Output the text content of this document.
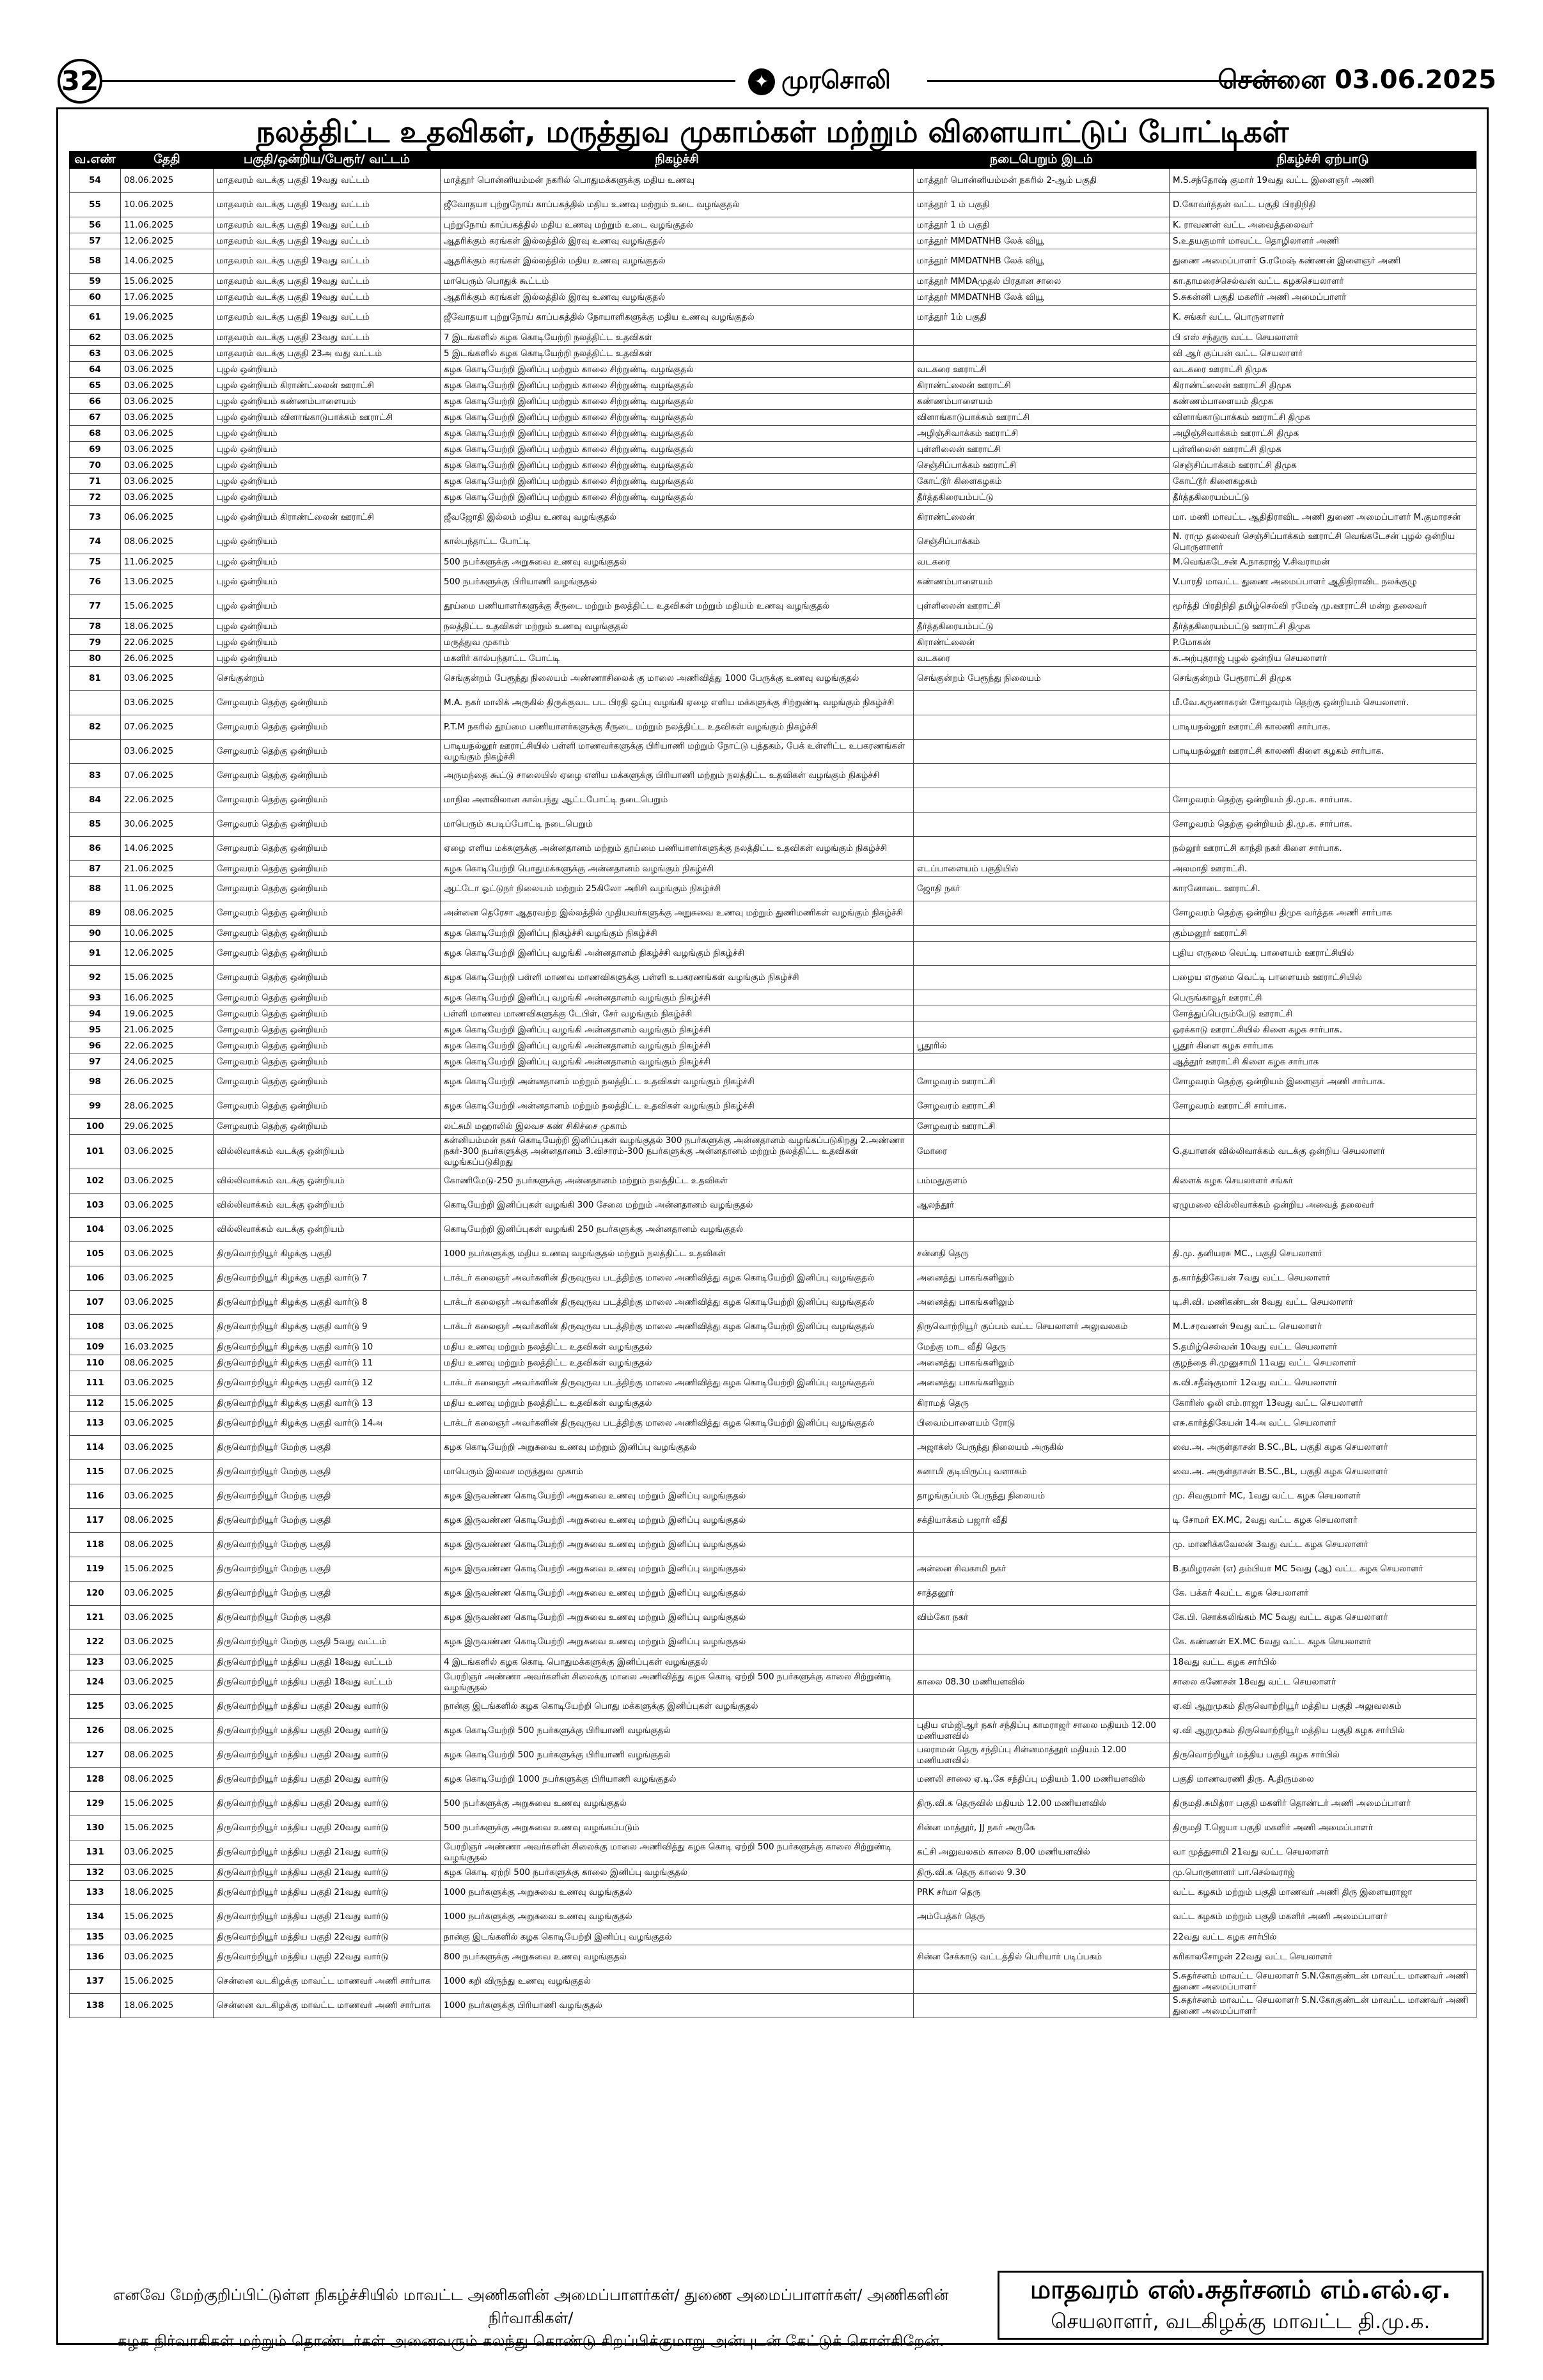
32	✦ முரசொலி	சென்னை 03.06.2025
நலத்திட்ட உதவிகள், மருத்துவ முகாம்கள் மற்றும் விளையாட்டுப் போட்டிகள்
வ.எண்	தேதி	பகுதி/ஒன்றிய/பேரூர்/ வட்டம்	நிகழ்ச்சி	நடைபெறும் இடம்	நிகழ்ச்சி ஏற்பாடு
54	08.06.2025	மாதவரம் வடக்கு பகுதி 19வது வட்டம்	மாத்தூர் பொன்னியம்மன் நகரில் பொதுமக்களுக்கு மதிய உணவு	மாத்தூர் பொன்னியம்மன் நகரில் 2-ஆம் பகுதி	M.S.சந்தோஷ் குமார் 19வது வட்ட இளைஞர் அணி
55	10.06.2025	மாதவரம் வடக்கு பகுதி 19வது வட்டம்	ஜீவோதயா புற்றுநோய் காப்பகத்தில் மதிய உணவு மற்றும் உடை வழங்குதல்	மாத்தூர் 1 ம் பகுதி	D.கோவர்த்தன் வட்ட பகுதி பிரதிநிதி
56	11.06.2025	மாதவரம் வடக்கு பகுதி 19வது வட்டம்	புற்றுநோய் காப்பகத்தில் மதிய உணவு மற்றும் உடை வழங்குதல்	மாத்தூர் 1 ம் பகுதி	K. ராவணன் வட்ட அவைத்தலைவர்
57	12.06.2025	மாதவரம் வடக்கு பகுதி 19வது வட்டம்	ஆதரிக்கும் கரங்கள் இல்லத்தில் இரவு உணவு வழங்குதல்	மாத்தூர் MMDATNHB லேக் வியூ	S.உதயகுமார் மாவட்ட தொழிலாளர் அணி
58	14.06.2025	மாதவரம் வடக்கு பகுதி 19வது வட்டம்	ஆதரிக்கும் கரங்கள் இல்லத்தில் மதிய உணவு வழங்குதல்	மாத்தூர் MMDATNHB லேக் வியூ	துணை அமைப்பாளர் G.ரமேஷ் கண்ணன் இளைஞர் அணி
59	15.06.2025	மாதவரம் வடக்கு பகுதி 19வது வட்டம்	மாபெரும் பொதுக் கூட்டம்	மாத்தூர் MMDAமுதல் பிரதான சாலை	கா.தாமரைச்செல்வன் வட்ட கழகசெயலாளர்
60	17.06.2025	மாதவரம் வடக்கு பகுதி 19வது வட்டம்	ஆதரிக்கும் கரங்கள் இல்லத்தில் இரவு உணவு வழங்குதல்	மாத்தூர் MMDATNHB லேக் வியூ	S.சுகன்னி பகுதி மகளிர் அணி அமைப்பாளர்
61	19.06.2025	மாதவரம் வடக்கு பகுதி 19வது வட்டம்	ஜீவோதயா புற்றுநோய் காப்பகத்தில் நோயாளிகளுக்கு மதிய உணவு வழங்குதல்	மாத்தூர் 1ம் பகுதி	K. சங்கர் வட்ட பொருளாளர்
62	03.06.2025	மாதவரம் வடக்கு பகுதி 23வது வட்டம்	7 இடங்களில் கழக கொடியேற்றி நலத்திட்ட உதவிகள்		பி எஸ் சந்துரு வட்ட செயலாளர்
63	03.06.2025	மாதவரம் வடக்கு பகுதி 23அ வது வட்டம்	5 இடங்களில் கழக கொடியேற்றி நலத்திட்ட உதவிகள்		வி ஆர் குப்பன் வட்ட செயலாளர்
64	03.06.2025	புழல் ஒன்றியம்	கழக கொடியேற்றி இனிப்பு மற்றும் காலை சிற்றுண்டி வழங்குதல்	வடகரை ஊராட்சி	வடகரை ஊராட்சி திமுக
65	03.06.2025	புழல் ஒன்றியம் கிராண்ட்லைன் ஊராட்சி	கழக கொடியேற்றி இனிப்பு மற்றும் காலை சிற்றுண்டி வழங்குதல்	கிராண்ட்லைன் ஊராட்சி	கிராண்ட்லைன் ஊராட்சி திமுக
66	03.06.2025	புழல் ஒன்றியம் கண்ணம்பாளையம்	கழக கொடியேற்றி இனிப்பு மற்றும் காலை சிற்றுண்டி வழங்குதல்	கண்ணம்பாளையம்	கண்ணம்பாளையம் திமுக
67	03.06.2025	புழல் ஒன்றியம் விளாங்காடுபாக்கம் ஊராட்சி	கழக கொடியேற்றி இனிப்பு மற்றும் காலை சிற்றுண்டி வழங்குதல்	விளாங்காடுபாக்கம் ஊராட்சி	விளாங்காடுபாக்கம் ஊராட்சி திமுக
68	03.06.2025	புழல் ஒன்றியம்	கழக கொடியேற்றி இனிப்பு மற்றும் காலை சிற்றுண்டி வழங்குதல்	அழிஞ்சிவாக்கம் ஊராட்சி	அழிஞ்சிவாக்கம் ஊராட்சி திமுக
69	03.06.2025	புழல் ஒன்றியம்	கழக கொடியேற்றி இனிப்பு மற்றும் காலை சிற்றுண்டி வழங்குதல்	புள்ளிலைன் ஊராட்சி	புள்ளிலைன் ஊராட்சி திமுக
70	03.06.2025	புழல் ஒன்றியம்	கழக கொடியேற்றி இனிப்பு மற்றும் காலை சிற்றுண்டி வழங்குதல்	செஞ்சிப்பாக்கம் ஊராட்சி	செஞ்சிப்பாக்கம் ஊராட்சி திமுக
71	03.06.2025	புழல் ஒன்றியம்	கழக கொடியேற்றி இனிப்பு மற்றும் காலை சிற்றுண்டி வழங்குதல்	கோட்டூர் கிளைகழகம்	கோட்டூர் கிளைகழகம்
72	03.06.2025	புழல் ஒன்றியம்	கழக கொடியேற்றி இனிப்பு மற்றும் காலை சிற்றுண்டி வழங்குதல்	தீர்த்தகிரையம்பட்டு	தீர்த்தகிரையம்பட்டு
73	06.06.2025	புழல் ஒன்றியம் கிராண்ட்லைன் ஊராட்சி	ஜீவஜோதி இல்லம் மதிய உணவு வழங்குதல்	கிராண்ட்லைன்	மா. மணி மாவட்ட ஆதிதிராவிட அணி துணை அமைப்பாளர் M.குமாரசன்
74	08.06.2025	புழல் ஒன்றியம்	கால்பந்தாட்ட போட்டி	செஞ்சிப்பாக்கம்	N. ராமு தலைவர் செஞ்சிப்பாக்கம் ஊராட்சி வெங்கடேசன் புழல் ஒன்றிய பொருளாளர்
75	11.06.2025	புழல் ஒன்றியம்	500 நபர்களுக்கு அறுசுவை உணவு வழங்குதல்	வடகரை	M.வெங்கடேசன் A.நாகராஜ் V.சிவராமன்
76	13.06.2025	புழல் ஒன்றியம்	500 நபர்களுக்கு பிரியாணி வழங்குதல்	கண்ணம்பாளையம்	V.பாரதி மாவட்ட துணை அமைப்பாளர் ஆதிதிராவிட நலக்குழு
77	15.06.2025	புழல் ஒன்றியம்	தூய்மை பணியாளர்களுக்கு சீருடை மற்றும் நலத்திட்ட உதவிகள் மற்றும் மதியம் உணவு வழங்குதல்	புள்ளிலைன் ஊராட்சி	மூர்த்தி பிரதிநிதி தமிழ்செல்வி ரமேஷ் மு.ஊராட்சி மன்ற தலைவர்
78	18.06.2025	புழல் ஒன்றியம்	நலத்திட்ட உதவிகள் மற்றும் உணவு வழங்குதல்	தீர்த்தகிரையம்பட்டு	தீர்த்தகிரையம்பட்டு ஊராட்சி திமுக
79	22.06.2025	புழல் ஒன்றியம்	மருத்துவ முகாம்	கிராண்ட்லைன்	P.மோகன்
80	26.06.2025	புழல் ஒன்றியம்	மகளிர் கால்பந்தாட்ட போட்டி	வடகரை	சு.அற்புதராஜ் புழல் ஒன்றிய செயலாளர்
81	03.06.2025	செங்குன்றம்	செங்குன்றம் பேரூந்து நிலையம் அண்ணாசிலைக் கு மாலை அணிவித்து 1000 பேருக்கு உணவு வழங்குதல்	செங்குன்றம் பேரூந்து நிலையம்	செங்குன்றம் பேரூராட்சி திமுக
	03.06.2025	சோழவரம் தெற்கு ஒன்றியம்	M.A. நகர் மாலிக் அருகில் திருக்குவட பட பிரதி ஒப்பு வழங்கி ஏழை எளிய மக்களுக்கு சிற்றுண்டி வழங்கும் நிகழ்ச்சி		மீ.வே.கருணாகரன் சோழவரம் தெற்கு ஒன்றியம் செயலாளர்.
82	07.06.2025	சோழவரம் தெற்கு ஒன்றியம்	P.T.M நகரில் தூய்மை பணியாளர்களுக்கு சீருடை மற்றும் நலத்திட்ட உதவிகள் வழங்கும் நிகழ்ச்சி		பாடியநல்லூர் ஊராட்சி காலணி சார்பாக.
	03.06.2025	சோழவரம் தெற்கு ஒன்றியம்	பாடியநல்லூர் ஊராட்சியில் பள்ளி மாணவர்களுக்கு பிரியாணி மற்றும் நோட்டு புத்தகம், பேக் உள்ளிட்ட உபகரணங்கள் வழங்கும் நிகழ்ச்சி		பாடியநல்லூர் ஊராட்சி காலணி கிளை கழகம் சார்பாக.
83	07.06.2025	சோழவரம் தெற்கு ஒன்றியம்	அருமந்தை கூட்டு சாலையில் ஏழை எளிய மக்களுக்கு பிரியாணி மற்றும் நலத்திட்ட உதவிகள் வழங்கும் நிகழ்ச்சி		
84	22.06.2025	சோழவரம் தெற்கு ஒன்றியம்	மாநில அளவிலான கால்பந்து ஆட்டபோட்டி நடைபெறும்		சோழவரம் தெற்கு ஒன்றியம் தி.மு.க. சார்பாக.
85	30.06.2025	சோழவரம் தெற்கு ஒன்றியம்	மாபெரும் கபடிப்போட்டி நடைபெறும்		சோழவரம் தெற்கு ஒன்றியம் தி.மு.க. சார்பாக.
86	14.06.2025	சோழவரம் தெற்கு ஒன்றியம்	ஏழை எளிய மக்களுக்கு அன்னதானம் மற்றும் தூய்மை பணியாளர்களுக்கு நலத்திட்ட உதவிகள் வழங்கும் நிகழ்ச்சி		நல்லூர் ஊராட்சி காந்தி நகர் கிளை சார்பாக.
87	21.06.2025	சோழவரம் தெற்கு ஒன்றியம்	கழக கொடியேற்றி பொதுமக்களுக்கு அன்னதானம் வழங்கும் நிகழ்ச்சி	எடப்பாளையம் பகுதியில்	அலமாதி ஊராட்சி.
88	11.06.2025	சோழவரம் தெற்கு ஒன்றியம்	ஆட்டோ ஓட்டுநர் நிலையம் மற்றும் 25கிலோ அரிசி வழங்கும் நிகழ்ச்சி	ஜோதி நகர்	காரனோடை ஊராட்சி.
89	08.06.2025	சோழவரம் தெற்கு ஒன்றியம்	அன்னை தெரேசா ஆதரவற்ற இல்லத்தில் முதியவர்களுக்கு அறுசுவை உணவு மற்றும் துணிமணிகள் வழங்கும் நிகழ்ச்சி		சோழவரம் தெற்கு ஒன்றிய திமுக வர்த்தக அணி சார்பாக
90	10.06.2025	சோழவரம் தெற்கு ஒன்றியம்	கழக கொடியேற்றி இனிப்பு நிகழ்ச்சி வழங்கும் நிகழ்ச்சி		கும்மனூர் ஊராட்சி
91	12.06.2025	சோழவரம் தெற்கு ஒன்றியம்	கழக கொடியேற்றி இனிப்பு வழங்கி அன்னதானம் நிகழ்ச்சி வழங்கும் நிகழ்ச்சி		புதிய எருமை வெட்டி பாளையம் ஊராட்சியில்
92	15.06.2025	சோழவரம் தெற்கு ஒன்றியம்	கழக கொடியேற்றி பள்ளி மாணவ மாணவிகளுக்கு பள்ளி உபகரணங்கள் வழங்கும் நிகழ்ச்சி		பழைய எருமை வெட்டி பாளையம் ஊராட்சியில்
93	16.06.2025	சோழவரம் தெற்கு ஒன்றியம்	கழக கொடியேற்றி இனிப்பு வழங்கி அன்னதானம் வழங்கும் நிகழ்ச்சி		பெருங்காவூர் ஊராட்சி
94	19.06.2025	சோழவரம் தெற்கு ஒன்றியம்	பள்ளி மாணவ மாணவிகளுக்கு டேபிள், சேர் வழங்கும் நிகழ்ச்சி		சோத்துப்பெரும்பேடு ஊராட்சி
95	21.06.2025	சோழவரம் தெற்கு ஒன்றியம்	கழக கொடியேற்றி இனிப்பு வழங்கி அன்னதானம் வழங்கும் நிகழ்ச்சி		ஒரக்காடு ஊராட்சியில் கிளை கழக சார்பாக.
96	22.06.2025	சோழவரம் தெற்கு ஒன்றியம்	கழக கொடியேற்றி இனிப்பு வழங்கி அன்னதானம் வழங்கும் நிகழ்ச்சி	பூதூரில்	பூதூர் கிளை கழக சார்பாக
97	24.06.2025	சோழவரம் தெற்கு ஒன்றியம்	கழக கொடியேற்றி இனிப்பு வழங்கி அன்னதானம் வழங்கும் நிகழ்ச்சி		ஆத்தூர் ஊராட்சி கிளை கழக சார்பாக
98	26.06.2025	சோழவரம் தெற்கு ஒன்றியம்	கழக கொடியேற்றி அன்னதானம் மற்றும் நலத்திட்ட உதவிகள் வழங்கும் நிகழ்ச்சி	சோழவரம் ஊராட்சி	சோழவரம் தெற்கு ஒன்றியம் இளைஞர் அணி சார்பாக.
99	28.06.2025	சோழவரம் தெற்கு ஒன்றியம்	கழக கொடியேற்றி அன்னதானம் மற்றும் நலத்திட்ட உதவிகள் வழங்கும் நிகழ்ச்சி	சோழவரம் ஊராட்சி	சோழவரம் ஊராட்சி சார்பாக.
100	29.06.2025	சோழவரம் தெற்கு ஒன்றியம்	லட்சுமி மஹாலில் இலவச கண் சிகிச்சை முகாம்	சோழவரம் ஊராட்சி	
101	03.06.2025	வில்லிவாக்கம் வடக்கு ஒன்றியம்	கன்னியம்மன் நகர் கொடியேற்றி இனிப்புகள் வழங்குதல் 300 நபர்களுக்கு அன்னதானம் வழங்கப்படுகிறது 2.அண்ணா நகர்-300 நபர்களுக்கு அன்னதானம் 3.விசாரம்-300 நபர்களுக்கு அன்னதானம் மற்றும் நலத்திட்ட உதவிகள் வழங்கப்படுகிறது	மோரை	G.தயாளன் வில்லிவாக்கம் வடக்கு ஒன்றிய செயலாளர்
102	03.06.2025	வில்லிவாக்கம் வடக்கு ஒன்றியம்	கோணிமேடு-250 நபர்களுக்கு அன்னதானம் மற்றும் நலத்திட்ட உதவிகள்	பம்மதுகுளம்	கிளைக் கழக செயலாளர் சங்கர்
103	03.06.2025	வில்லிவாக்கம் வடக்கு ஒன்றியம்	கொடியேற்றி இனிப்புகள் வழங்கி 300 சேலை மற்றும் அன்னதானம் வழங்குதல்	ஆலந்தூர்	ஏழுமலை வில்லிவாக்கம் ஒன்றிய அவைத் தலைவர்
104	03.06.2025	வில்லிவாக்கம் வடக்கு ஒன்றியம்	கொடியேற்றி இனிப்புகள் வழங்கி 250 நபர்களுக்கு அன்னதானம் வழங்குதல்		
105	03.06.2025	திருவொற்றியூர் கிழக்கு பகுதி	1000 நபர்களுக்கு மதிய உணவு வழங்குதல் மற்றும் நலத்திட்ட உதவிகள்	சன்னதி தெரு	தி.மு. தனியரசு MC., பகுதி செயலாளர்
106	03.06.2025	திருவொற்றியூர் கிழக்கு பகுதி வார்டு 7	டாக்டர் கலைஞர் அவர்களின் திருவுருவ படத்திற்கு மாலை அணிவித்து கழக கொடியேற்றி இனிப்பு வழங்குதல்	அனைத்து பாகங்களிலும்	த.கார்த்திகேயன் 7வது வட்ட செயலாளர்
107	03.06.2025	திருவொற்றியூர் கிழக்கு பகுதி வார்டு 8	டாக்டர் கலைஞர் அவர்களின் திருவுருவ படத்திற்கு மாலை அணிவித்து கழக கொடியேற்றி இனிப்பு வழங்குதல்	அனைத்து பாகங்களிலும்	டி.சி.வி. மணிகண்டன் 8வது வட்ட செயலாளர்
108	03.06.2025	திருவொற்றியூர் கிழக்கு பகுதி வார்டு 9	டாக்டர் கலைஞர் அவர்களின் திருவுருவ படத்திற்கு மாலை அணிவித்து கழக கொடியேற்றி இனிப்பு வழங்குதல்	திருவொற்றியூர் குப்பம் வட்ட செயலாளர் அலுவலகம்	M.L.சரவணன் 9வது வட்ட செயலாளர்
109	16.03.2025	திருவொற்றியூர் கிழக்கு பகுதி வார்டு 10	மதிய உணவு மற்றும் நலத்திட்ட உதவிகள் வழங்குதல்	மேற்கு மாட வீதி தெரு	S.தமிழ்செல்வன் 10வது வட்ட செயலாளர்
110	08.06.2025	திருவொற்றியூர் கிழக்கு பகுதி வார்டு 11	மதிய உணவு மற்றும் நலத்திட்ட உதவிகள் வழங்குதல்	அனைத்து பாகங்களிலும்	குழந்தை சி.முனுசாமி 11வது வட்ட செயலாளர்
111	03.06.2025	திருவொற்றியூர் கிழக்கு பகுதி வார்டு 12	டாக்டர் கலைஞர் அவர்களின் திருவுருவ படத்திற்கு மாலை அணிவித்து கழக கொடியேற்றி இனிப்பு வழங்குதல்	அனைத்து பாகங்களிலும்	க.வி.சதீஷ்குமார் 12வது வட்ட செயலாளர்
112	15.06.2025	திருவொற்றியூர் கிழக்கு பகுதி வார்டு 13	மதிய உணவு மற்றும் நலத்திட்ட உதவிகள் வழங்குதல்	கிராமத் தெரு	கோரிஸ் ஓலி எம்.ராஜா 13வது வட்ட செயலாளர்
113	03.06.2025	திருவொற்றியூர் கிழக்கு பகுதி வார்டு 14அ	டாக்டர் கலைஞர் அவர்களின் திருவுருவ படத்திற்கு மாலை அணிவித்து கழக கொடியேற்றி இனிப்பு வழங்குதல்	பிவைம்பாளையம் ரோடு	எசு.கார்த்திகேயன் 14அ வட்ட செயலாளர்
114	03.06.2025	திருவொற்றியூர் மேற்கு பகுதி	கழக கொடியேற்றி அறுசுவை உணவு மற்றும் இனிப்பு வழங்குதல்	அஜாக்ஸ் பேருந்து நிலையம் அருகில்	வை.அ. அருள்தாசன் B.SC.,BL, பகுதி கழக செயலாளர்
115	07.06.2025	திருவொற்றியூர் மேற்கு பகுதி	மாபெரும் இலவச மருத்துவ முகாம்	சுனாமி குடியிருப்பு வளாகம்	வை.அ. அருள்தாசன் B.SC.,BL, பகுதி கழக செயலாளர்
116	03.06.2025	திருவொற்றியூர் மேற்கு பகுதி	கழக இருவண்ண கொடியேற்றி அறுசுவை உணவு மற்றும் இனிப்பு வழங்குதல்	தாழங்குப்பம் பேருந்து நிலையம்	மு. சிவகுமார் MC, 1வது வட்ட கழக செயலாளர்
117	08.06.2025	திருவொற்றியூர் மேற்கு பகுதி	கழக இருவண்ண கொடியேற்றி அறுசுவை உணவு மற்றும் இனிப்பு வழங்குதல்	சக்தியாக்கம் பஜார் வீதி	டி சோமர் EX.MC, 2வது வட்ட கழக செயலாளர்
118	08.06.2025	திருவொற்றியூர் மேற்கு பகுதி	கழக இருவண்ண கொடியேற்றி அறுசுவை உணவு மற்றும் இனிப்பு வழங்குதல்		மு. மாணிக்கவேலன் 3வது வட்ட கழக செயலாளர்
119	15.06.2025	திருவொற்றியூர் மேற்கு பகுதி	கழக இருவண்ண கொடியேற்றி அறுசுவை உணவு மற்றும் இனிப்பு வழங்குதல்	அன்னை சிவகாமி நகர்	B.தமிழரசன் (எ) தம்பியா MC 5வது (ஆ) வட்ட கழக செயலாளர்
120	03.06.2025	திருவொற்றியூர் மேற்கு பகுதி	கழக இருவண்ண கொடியேற்றி அறுசுவை உணவு மற்றும் இனிப்பு வழங்குதல்	சாத்தனூர்	கே. பக்கர் 4வட்ட கழக செயலாளர்
121	03.06.2025	திருவொற்றியூர் மேற்கு பகுதி	கழக இருவண்ண கொடியேற்றி அறுசுவை உணவு மற்றும் இனிப்பு வழங்குதல்	விம்கோ நகர்	கே.பி. சொக்கலிங்கம் MC 5வது வட்ட கழக செயலாளர்
122	03.06.2025	திருவொற்றியூர் மேற்கு பகுதி 5வது வட்டம்	கழக இருவண்ண கொடியேற்றி அறுசுவை உணவு மற்றும் இனிப்பு வழங்குதல்		கே. கண்ணன் EX.MC 6வது வட்ட கழக செயலாளர்
123	03.06.2025	திருவொற்றியூர் மத்திய பகுதி 18வது வட்டம்	4 இடங்களில் கழக கொடி பொதுமக்களுக்கு இனிப்புகள் வழங்குதல்		18வது வட்ட கழக சார்பில்
124	03.06.2025	திருவொற்றியூர் மத்திய பகுதி 18வது வட்டம்	பேரறிஞர் அண்ணா அவர்களின் சிலைக்கு மாலை அணிவித்து கழக கொடி ஏற்றி 500 நபர்களுக்கு காலை சிற்றுண்டி வழங்குதல்	காலை 08.30 மணியளவில்	சாலை கணேசன் 18வது வட்ட செயலாளர்
125	03.06.2025	திருவொற்றியூர் மத்திய பகுதி 20வது வார்டு	நான்கு இடங்களில் கழக கொடியேற்றி பொது மக்களுக்கு இனிப்புகள் வழங்குதல்		ஏ.வி ஆறுமுகம் திருவொற்றியூர் மத்திய பகுதி அலுவலகம்
126	08.06.2025	திருவொற்றியூர் மத்திய பகுதி 20வது வார்டு	கழக கொடியேற்றி 500 நபர்களுக்கு பிரியாணி வழங்குதல்	புதிய எம்ஜிஆர் நகர் சந்திப்பு காமராஜர் சாலை மதியம் 12.00 மணியளவில்	ஏ.வி ஆறுமுகம் திருவொற்றியூர் மத்திய பகுதி கழக சார்பில்
127	08.06.2025	திருவொற்றியூர் மத்திய பகுதி 20வது வார்டு	கழக கொடியேற்றி 500 நபர்களுக்கு பிரியாணி வழங்குதல்	பலராமன் தெரு சந்திப்பு சின்னமாத்தூர் மதியம் 12.00 மணியளவில்	திருவொற்றியூர் மத்திய பகுதி கழக சார்பில்
128	08.06.2025	திருவொற்றியூர் மத்திய பகுதி 20வது வார்டு	கழக கொடியேற்றி 1000 நபர்களுக்கு பிரியாணி வழங்குதல்	மணலி சாலை ஏ.டி.கே சந்திப்பு மதியம் 1.00 மணியளவில்	பகுதி மாணவரணி திரு. A.திருமலை
129	15.06.2025	திருவொற்றியூர் மத்திய பகுதி 20வது வார்டு	500 நபர்களுக்கு அறுசுவை உணவு வழங்குதல்	திரு.வி.க தெருவில் மதியம் 12.00 மணியளவில்	திருமதி.சுமித்ரா பகுதி மகளிர் தொண்டர் அணி அமைப்பாளர்
130	15.06.2025	திருவொற்றியூர் மத்திய பகுதி 20வது வார்டு	500 நபர்களுக்கு அறுசுவை உணவு வழங்கப்படும்	சின்ன மாத்தூர், JJ நகர் அருகே	திருமதி T.ஜெயா பகுதி மகளிர் அணி அமைப்பாளர்
131	03.06.2025	திருவொற்றியூர் மத்திய பகுதி 21வது வார்டு	பேரறிஞர் அண்ணா அவர்களின் சிலைக்கு மாலை அணிவித்து கழக கொடி ஏற்றி 500 நபர்களுக்கு காலை சிற்றுண்டி வழங்குதல்	கட்சி அலுவலகம் காலை 8.00 மணியளவில்	வா முத்துசாமி 21வது வட்ட செயலாளர்
132	03.06.2025	திருவொற்றியூர் மத்திய பகுதி 21வது வார்டு	கழக கொடி ஏற்றி 500 நபர்களுக்கு காலை இனிப்பு வழங்குதல்	திரு.வி.க தெரு காலை 9.30	மு.பொருளாளர் பா.செல்வராஜ்
133	18.06.2025	திருவொற்றியூர் மத்திய பகுதி 21வது வார்டு	1000 நபர்களுக்கு அறுசுவை உணவு வழங்குதல்	PRK சர்மா தெரு	வட்ட கழகம் மற்றும் பகுதி மாணவர் அணி திரு இளையராஜா
134	15.06.2025	திருவொற்றியூர் மத்திய பகுதி 21வது வார்டு	1000 நபர்களுக்கு அறுசுவை உணவு வழங்குதல்	அம்பேத்கர் தெரு	வட்ட கழகம் மற்றும் பகுதி மகளிர் அணி அமைப்பாளர்
135	03.06.2025	திருவொற்றியூர் மத்திய பகுதி 22வது வார்டு	நான்கு இடங்களில் கழக கொடியேற்றி இனிப்பு வழங்குதல்		22வது வட்ட கழக சார்பில்
136	03.06.2025	திருவொற்றியூர் மத்திய பகுதி 22வது வார்டு	800 நபர்களுக்கு அறுசுவை உணவு வழங்குதல்	சின்ன சேக்காடு வட்டத்தில் பெரியார் படிப்பகம்	கரிகாலசோழன் 22வது வட்ட செயலாளர்
137	15.06.2025	சென்னை வடகிழக்கு மாவட்ட மாணவர் அணி சார்பாக	1000 கறி விருந்து உணவு வழங்குதல்		S.சுதர்சனம் மாவட்ட செயலாளர் S.N.கோகுண்டன் மாவட்ட மாணவர் அணி துணை அமைப்பாளர்
138	18.06.2025	சென்னை வடகிழக்கு மாவட்ட மாணவர் அணி சார்பாக	1000 நபர்களுக்கு பிரியாணி வழங்குதல்		S.சுதர்சனம் மாவட்ட செயலாளர் S.N.கோகுண்டன் மாவட்ட மாணவர் அணி துணை அமைப்பாளர்
எனவே மேற்குறிப்பிட்டுள்ள நிகழ்ச்சியில் மாவட்ட அணிகளின் அமைப்பாளர்கள்/ துணை அமைப்பாளர்கள்/ அணிகளின் நிர்வாகிகள்/
கழக நிர்வாகிகள் மற்றும் தொண்டர்கள் அனைவரும் கலந்து கொண்டு சிறப்பிக்குமாறு அன்புடன் கேட்டுக் கொள்கிறேன்.
மாதவரம் எஸ்.சுதர்சனம் எம்.எல்.ஏ.
செயலாளர், வடகிழக்கு மாவட்ட தி.மு.க.
